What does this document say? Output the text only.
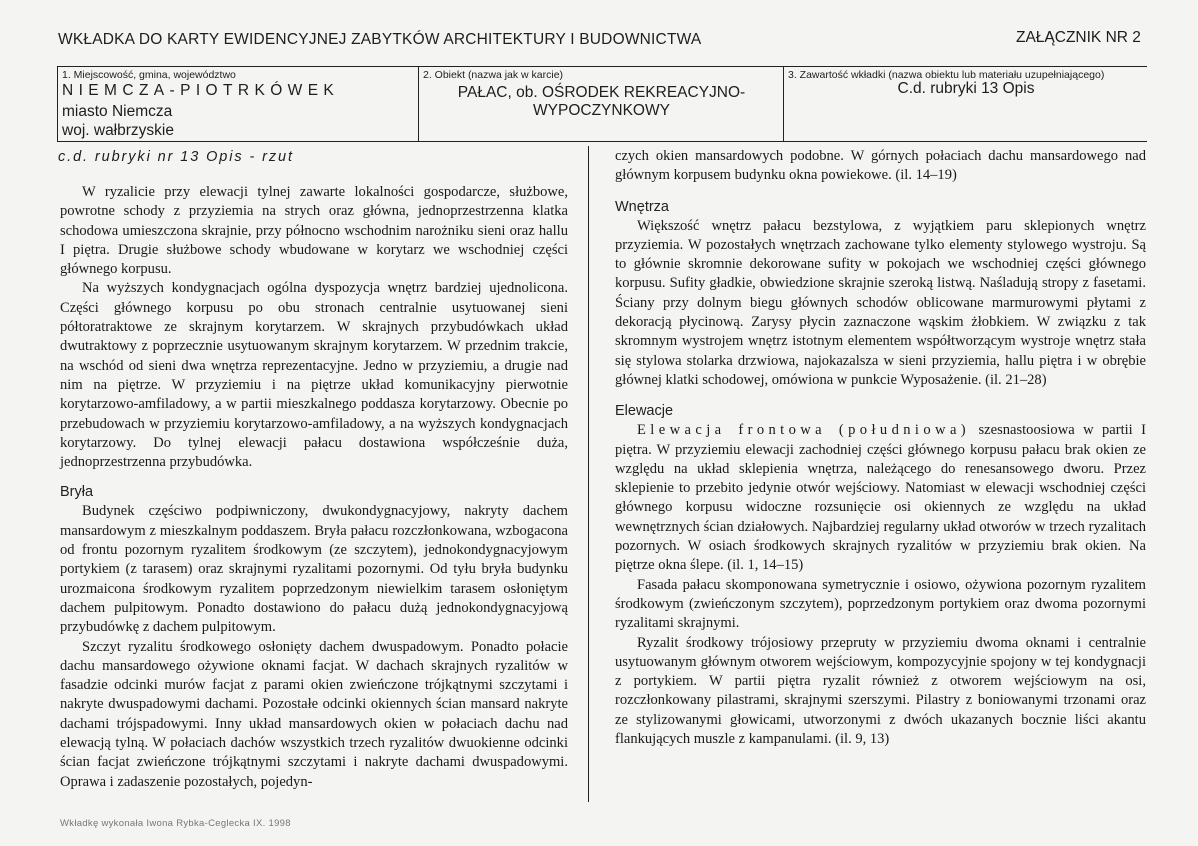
WKŁADKA DO KARTY EWIDENCYJNEJ ZABYTKÓW ARCHITEKTURY I BUDOWNICTWA	ZAŁĄCZNIK NR 2
1. Miejscowość, gmina, województwo
NIEMCZA-PIOTRKÓWEK
miasto Niemcza
woj. wałbrzyskie
2. Obiekt (nazwa jak w karcie)
PAŁAC, ob. OŚRODEK REKREACYJNO-
WYPOCZYNKOWY
3. Zawartość wkładki (nazwa obiektu lub materiału uzupełniającego)
C.d. rubryki 13 Opis
c.d. rubryki nr 13 Opis - rzut

W ryzalicie przy elewacji tylnej zawarte lokalności gospodarcze, służbowe, powrotne schody z przyziemia na strych oraz główna, jednoprzestrzenna klatka schodowa umieszczona skrajnie, przy północno wschodnim narożniku sieni oraz hallu I piętra. Drugie służbowe schody wbudowane w korytarz we wschodniej części głównego korpusu.

Na wyższych kondygnacjach ogólna dyspozycja wnętrz bardziej ujednolicona. Części głównego korpusu po obu stronach centralnie usytuowanej sieni półtoratraktowe ze skrajnym korytarzem. W skrajnych przybudówkach układ dwutraktowy z poprzecznie usytuowanym skrajnym korytarzem. W przednim trakcie, na wschód od sieni dwa wnętrza reprezentacyjne. Jedno w przyziemiu, a drugie nad nim na piętrze. W przyziemiu i na piętrze układ komunikacyjny pierwotnie korytarzowo-amfiladowy, a w partii mieszkalnego poddasza korytarzowy. Obecnie po przebudowach w przyziemiu korytarzowo-amfiladowy, a na wyższych kondygnacjach korytarzowy. Do tylnej elewacji pałacu dostawiona współcześnie duża, jednoprzestrzenna przybudówka.

Bryła

Budynek częściwo podpiwniczony, dwukondygnacyjowy, nakryty dachem mansardowym z mieszkalnym poddaszem. Bryła pałacu rozczłonkowana, wzbogacona od frontu pozornym ryzalitem środkowym (ze szczytem), jednokondygnacyjowym portykiem (z tarasem) oraz skrajnymi ryzalitami pozornymi. Od tyłu bryła budynku urozmaicona środkowym ryzalitem poprzedzonym niewielkim tarasem osłoniętym dachem pulpitowym. Ponadto dostawiono do pałacu dużą jednokondygnacyjową przybudówkę z dachem pulpitowym.

Szczyt ryzalitu środkowego osłonięty dachem dwuspadowym. Ponadto połacie dachu mansardowego ożywione oknami facjat. W dachach skrajnych ryzalitów w fasadzie odcinki murów facjat z parami okien zwieńczone trójkątnymi szczytami i nakryte dwuspadowymi dachami. Pozostałe odcinki okiennych ścian mansard nakryte dachami trójspadowymi. Inny układ mansardowych okien w połaciach dachu nad elewacją tylną. W połaciach dachów wszystkich trzech ryzalitów dwuokienne odcinki ścian facjat zwieńczone trójkątnymi szczytami i nakryte dachami dwuspadowymi. Oprawa i zadaszenie pozostałych, pojedyn-

czych okien mansardowych podobne. W górnych połaciach dachu mansardowego nad głównym korpusem budynku okna powiekowe. (il. 14–19)

Wnętrza

Większość wnętrz pałacu bezstylowa, z wyjątkiem paru sklepionych wnętrz przyziemia. W pozostałych wnętrzach zachowane tylko elementy stylowego wystroju. Są to głównie skromnie dekorowane sufity w pokojach we wschodniej części głównego korpusu. Sufity gładkie, obwiedzione skrajnie szeroką listwą. Naśladują stropy z fasetami. Ściany przy dolnym biegu głównych schodów oblicowane marmurowymi płytami z dekoracją płycinową. Zarysy płycin zaznaczone wąskim żłobkiem. W związku z tak skromnym wystrojem wnętrz istotnym elementem współtworzącym wystroje wnętrz stała się stylowa stolarka drzwiowa, najokazalsza w sieni przyziemia, hallu piętra i w obrębie głównej klatki schodowej, omówiona w punkcie Wyposażenie. (il. 21–28)

Elewacje

Elewacja frontowa (południowa) szesnastoosiowa w partii I piętra. W przyziemiu elewacji zachodniej części głównego korpusu pałacu brak okien ze względu na układ sklepienia wnętrza, należącego do renesansowego dworu. Przez sklepienie to przebito jedynie otwór wejściowy. Natomiast w elewacji wschodniej części głównego korpusu widoczne rozsunięcie osi okiennych ze względu na układ wewnętrznych ścian działowych. Najbardziej regularny układ otworów w trzech ryzalitach pozornych. W osiach środkowych skrajnych ryzalitów w przyziemiu brak okien. Na piętrze okna ślepe. (il. 1, 14–15)

Fasada pałacu skomponowana symetrycznie i osiowo, ożywiona pozornym ryzalitem środkowym (zwieńczonym szczytem), poprzedzonym portykiem oraz dwoma pozornymi ryzalitami skrajnymi.

Ryzalit środkowy trójosiowy przepruty w przyziemiu dwoma oknami i centralnie usytuowanym głównym otworem wejściowym, kompozycyjnie spojony w tej kondygnacji z portykiem. W partii piętra ryzalit również z otworem wejściowym na osi, rozczłonkowany pilastrami, skrajnymi szerszymi. Pilastry z boniowanymi trzonami oraz ze stylizowanymi głowicami, utworzonymi z dwóch ukazanych bocznie liści akantu flankujących muszle z kampanulami. (il. 9, 13)

Wkładkę wykonała Iwona Rybka-Ceglecka IX. 1998
